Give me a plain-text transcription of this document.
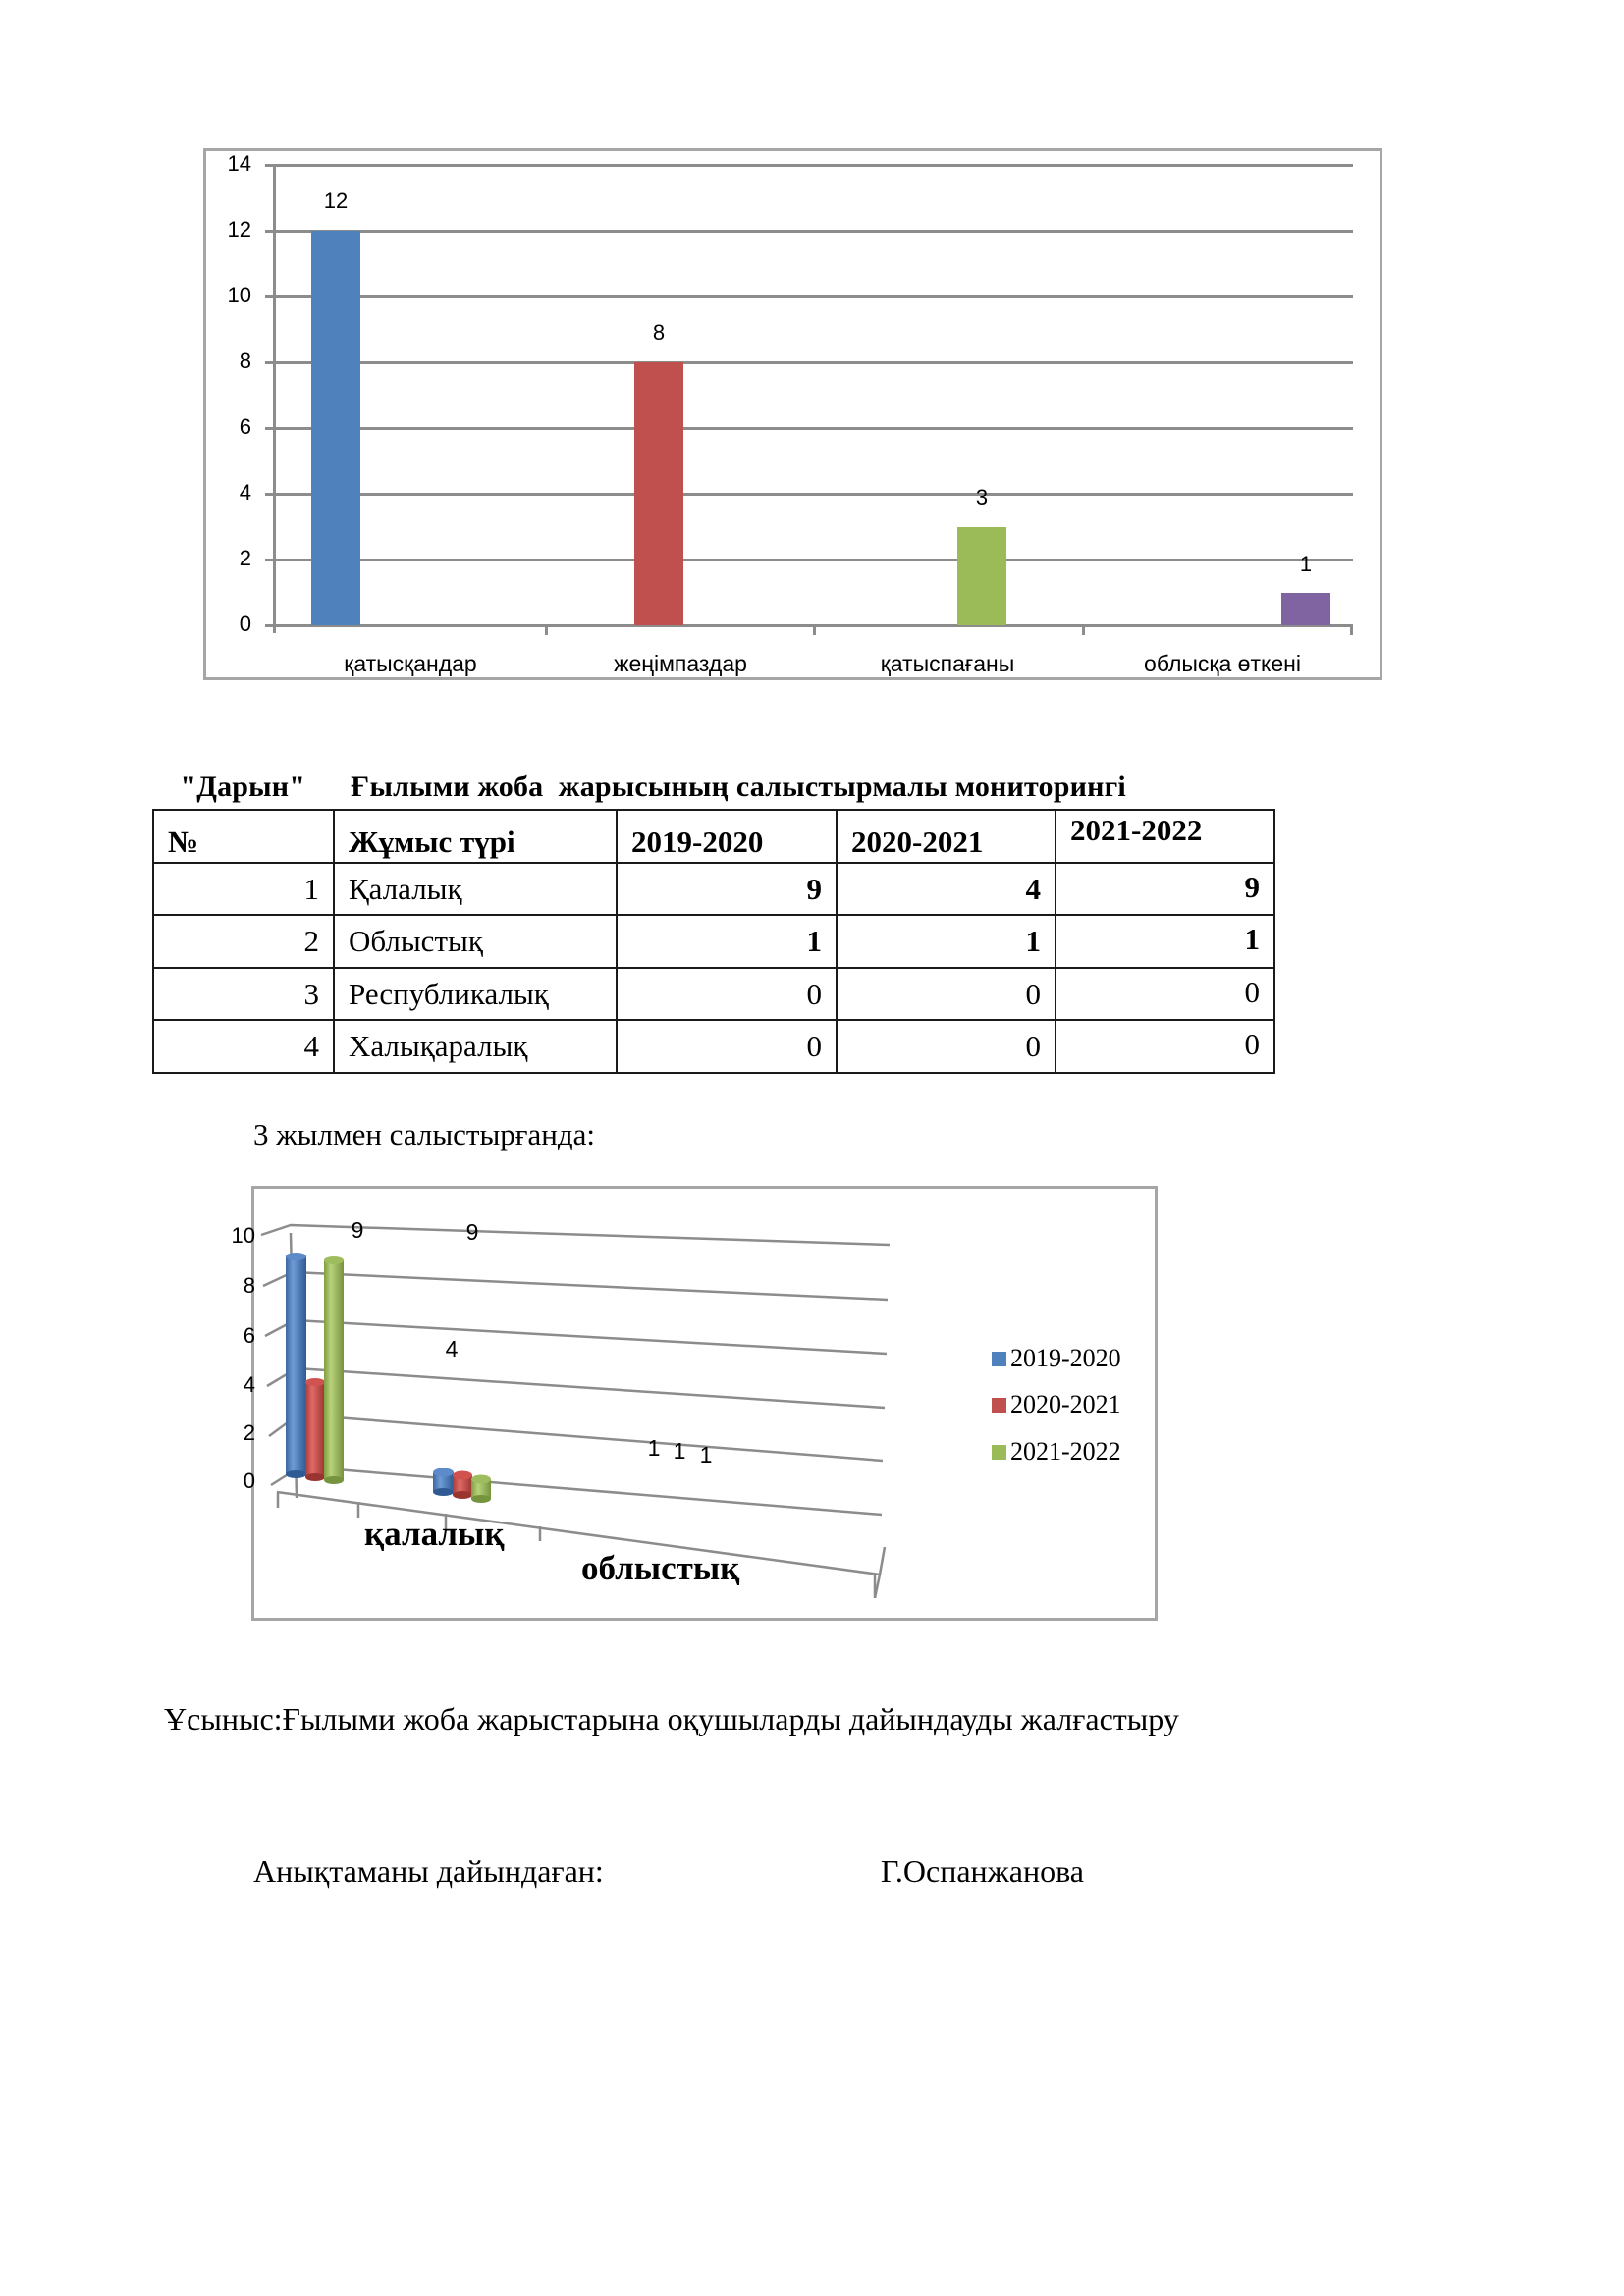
14
12
10
8
6
4
2
0
12
8
3
1
қатысқандар	жеңімпаздар	қатыспағаны	облысқа өткені

"Дарын" Ғылыми жоба  жарысының салыстырмалы мониторингі

№	Жұмыс түрі	2019-2020	2020-2021	2021-2022
1	Қалалық	9	4	9
2	Облыстық	1	1	1
3	Республикалық	0	0	0
4	Халықаралық	0	0	0
3 жылмен салыстырғанда:
10
8
6
4
2
0
9
4
9
1 1 1
қалалық
облыстық
2019-2020
2020-2021
2021-2022
Ұсыныс:Ғылыми жоба жарыстарына оқушыларды дайындауды жалғастыру
Анықтаманы дайындаған:	Г.Оспанжанова
